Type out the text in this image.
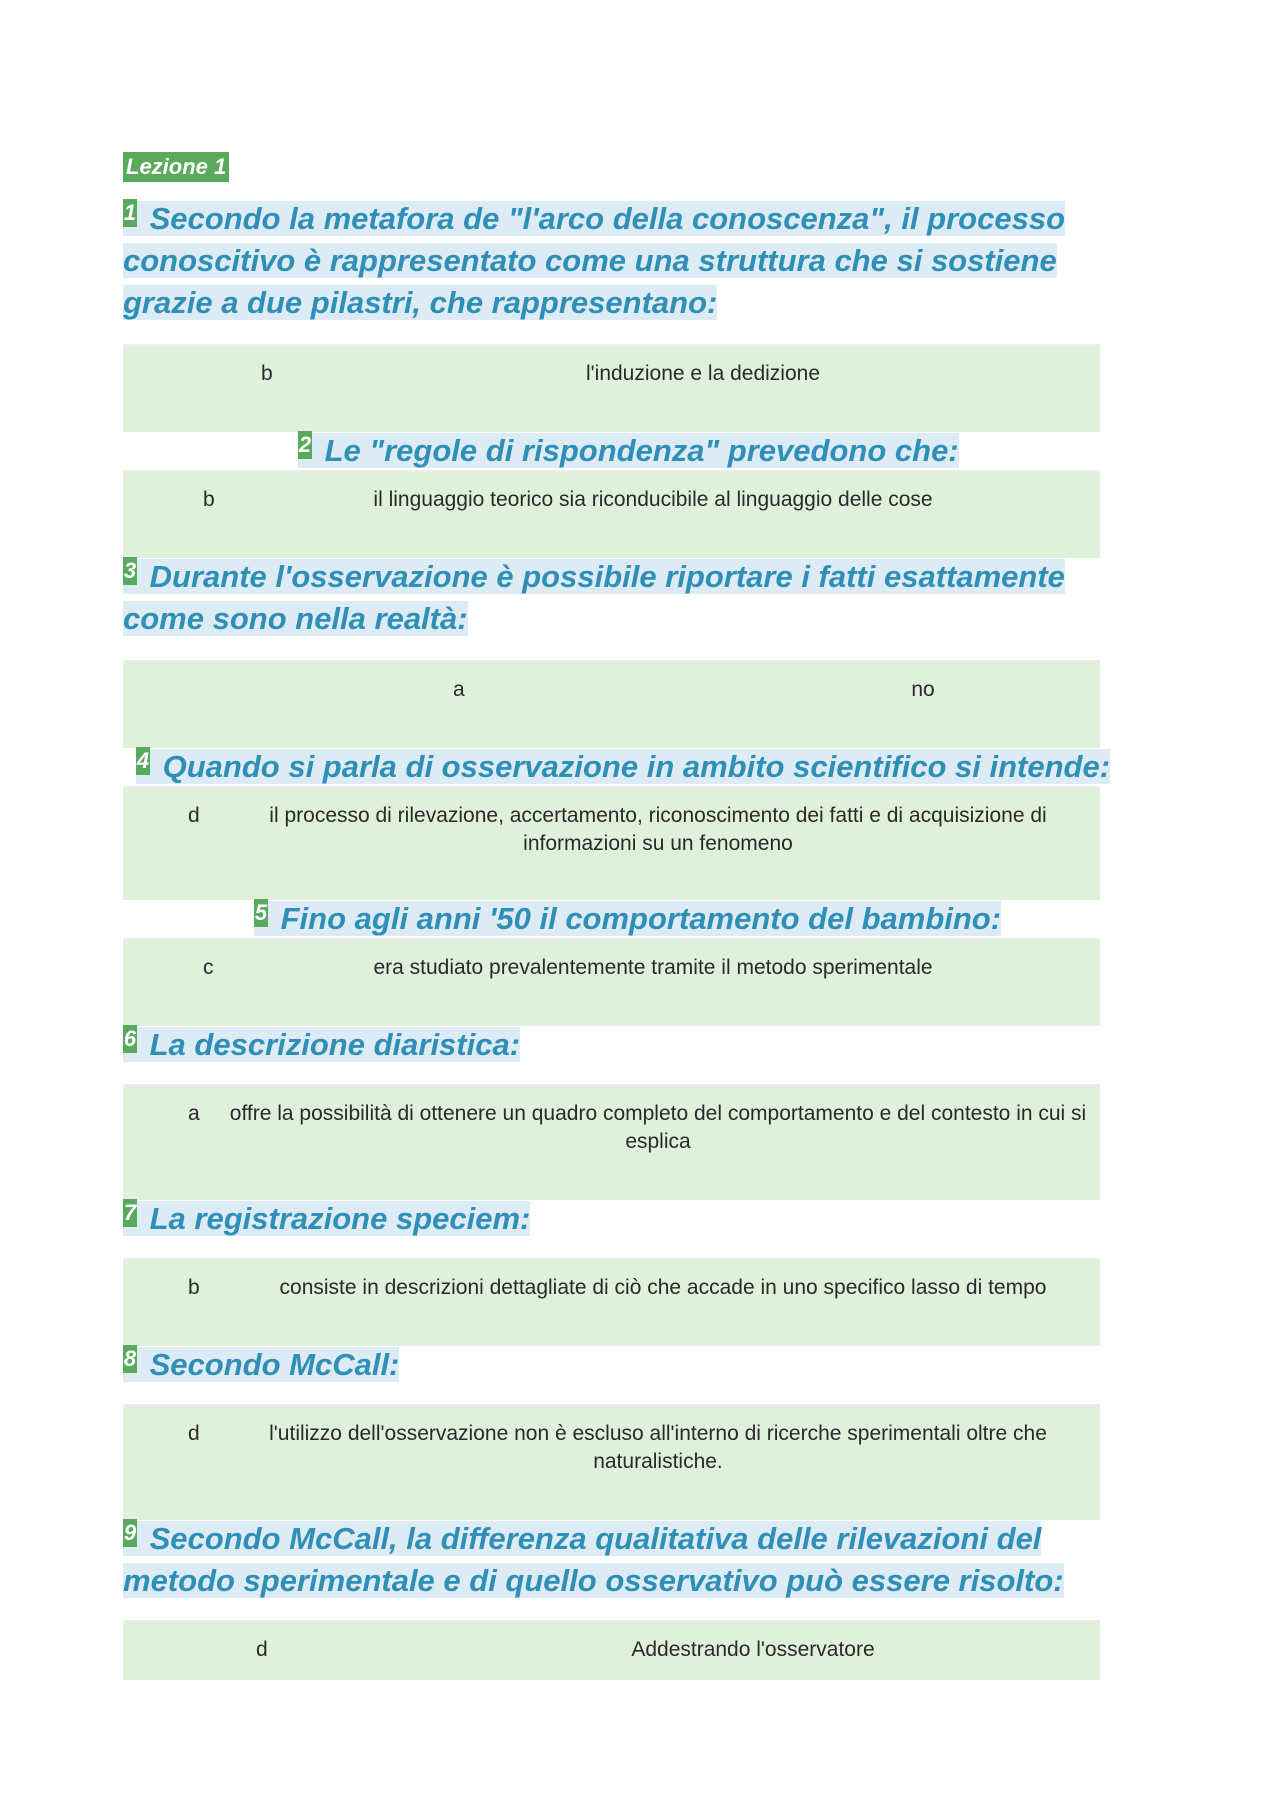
Lezione 1
1 Secondo la metafora de "l'arco della conoscenza", il processo
conoscitivo è rappresentato come una struttura che si sostiene
grazie a due pilastri, che rappresentano:
b	l'induzione e la dedizione
2 Le "regole di rispondenza" prevedono che:
b	il linguaggio teorico sia riconducibile al linguaggio delle cose
3 Durante l'osservazione è possibile riportare i fatti esattamente
come sono nella realtà:
a	no
4 Quando si parla di osservazione in ambito scientifico si intende:
d	il processo di rilevazione, accertamento, riconoscimento dei fatti e di acquisizione di informazioni su un fenomeno
5 Fino agli anni '50 il comportamento del bambino:
c	era studiato prevalentemente tramite il metodo sperimentale
6 La descrizione diaristica:
a offre la possibilità di ottenere un quadro completo del comportamento e del contesto in cui si esplica
7 La registrazione speciem:
b	consiste in descrizioni dettagliate di ciò che accade in uno specifico lasso di tempo
8 Secondo McCall:
d	l'utilizzo dell'osservazione non è escluso all'interno di ricerche sperimentali oltre che naturalistiche.
9 Secondo McCall, la differenza qualitativa delle rilevazioni del
metodo sperimentale e di quello osservativo può essere risolto:
d	Addestrando l'osservatore
